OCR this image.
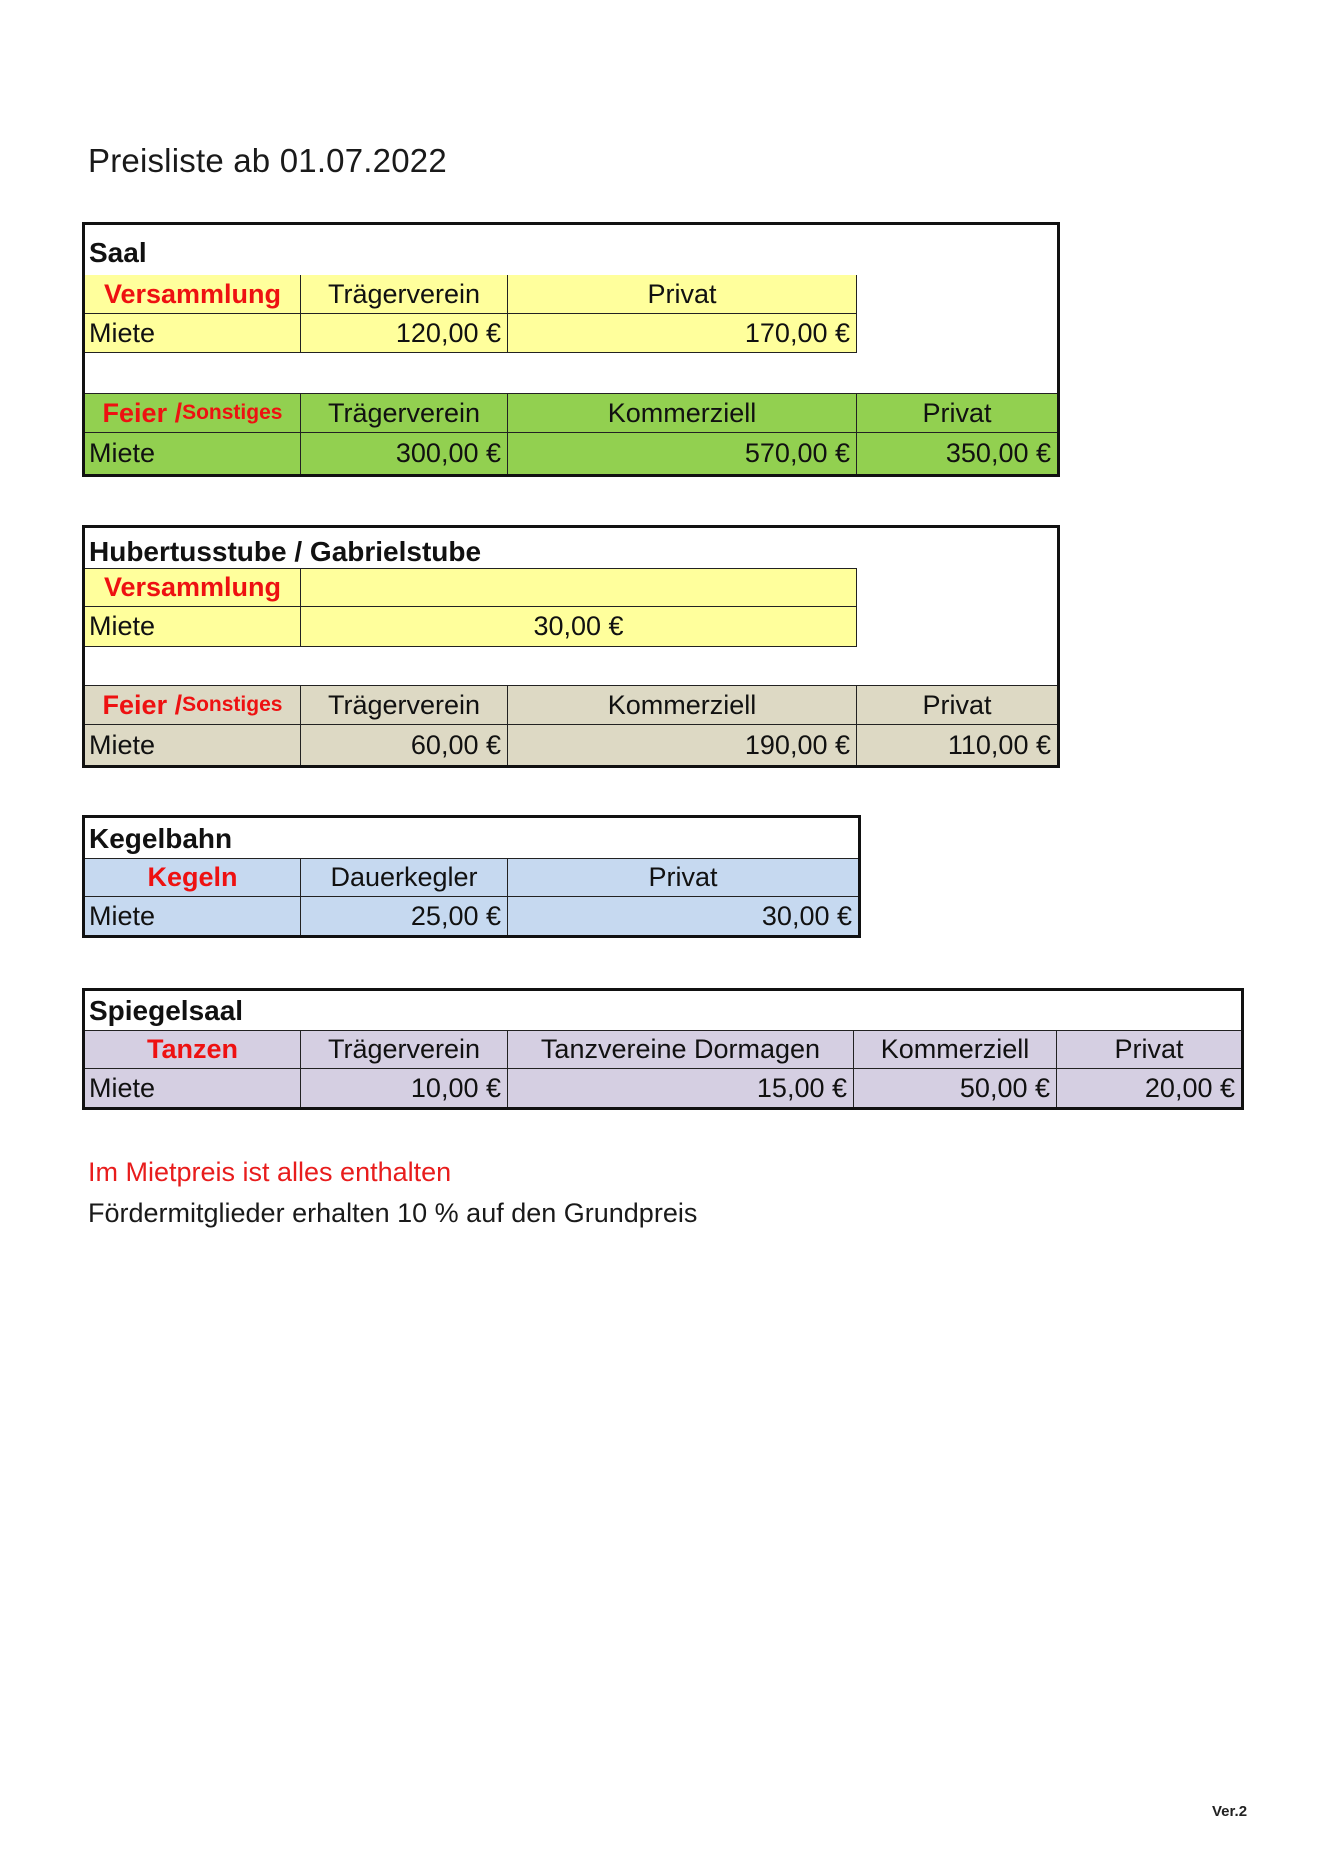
Preisliste ab 01.07.2022
Saal
Versammlung	Trägerverein	Privat
Miete	120,00 €	170,00 €
Feier / Sonstiges	Trägerverein	Kommerziell	Privat
Miete	300,00 €	570,00 €	350,00 €
Hubertusstube / Gabrielstube
Versammlung
Miete	30,00 €
Feier / Sonstiges	Trägerverein	Kommerziell	Privat
Miete	60,00 €	190,00 €	110,00 €
Kegelbahn
Kegeln	Dauerkegler	Privat
Miete	25,00 €	30,00 €
Spiegelsaal
Tanzen	Trägerverein	Tanzvereine Dormagen	Kommerziell	Privat
Miete	10,00 €	15,00 €	50,00 €	20,00 €
Im Mietpreis ist alles enthalten
Fördermitglieder erhalten 10 % auf den Grundpreis
Ver.2
